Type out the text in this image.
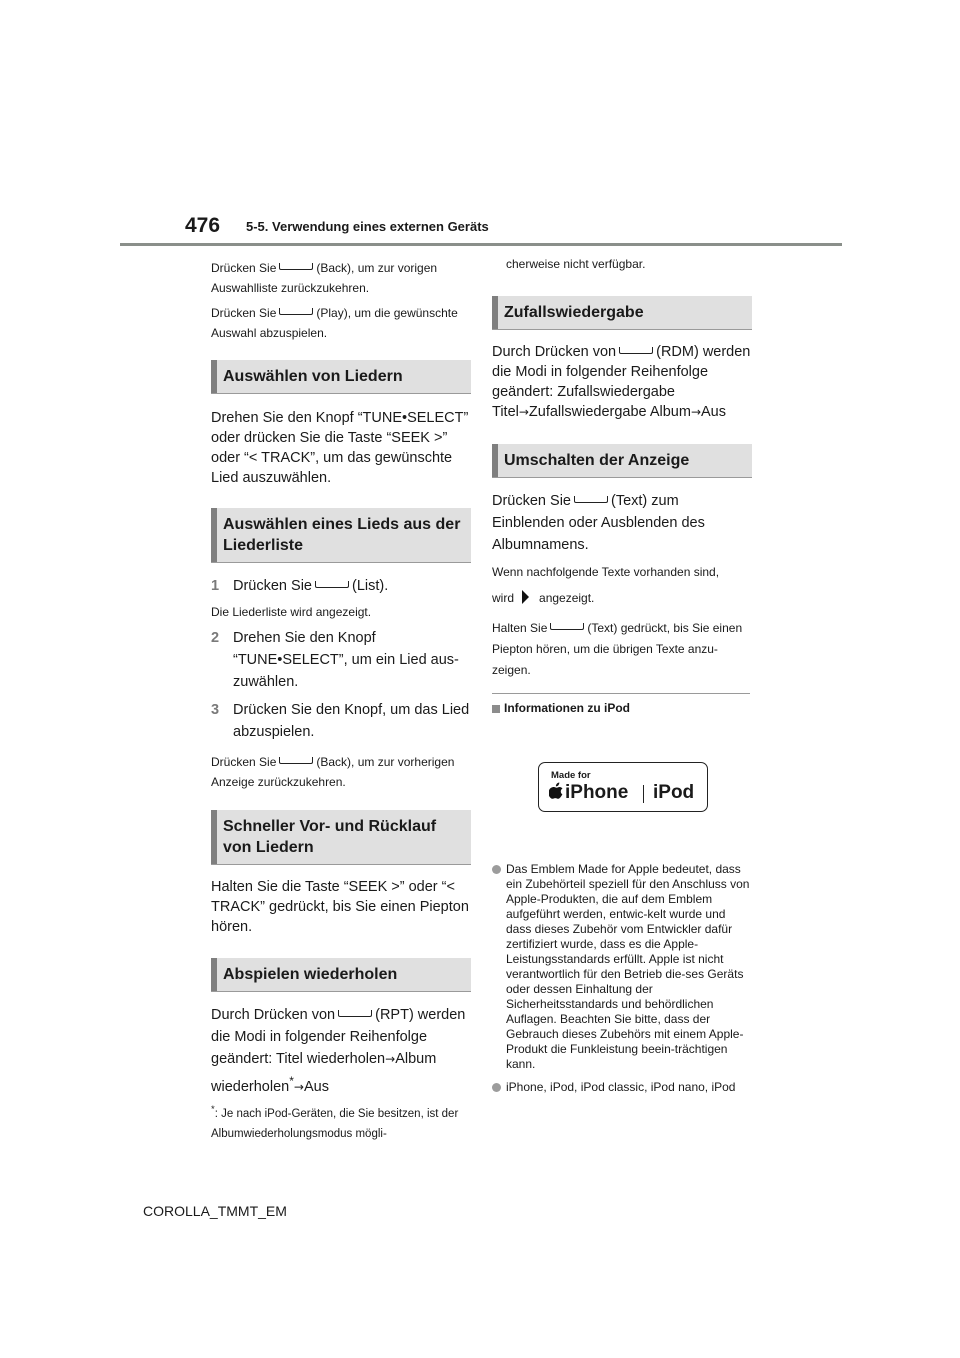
476 5-5. Verwendung eines externen Geräts

Drücken Sie	(Back), um zur vorigen Auswahlliste zurückzukehren.

Drücken Sie	(Play), um die gewünschte Auswahl abzuspielen.

Auswählen von Liedern

Drehen Sie den Knopf “TUNE•SELECT” oder drücken Sie die Taste “SEEK >” oder “< TRACK”, um das gewünschte Lied auszuwählen.

Auswählen eines Lieds aus der Liederliste
1 Drücken Sie	(List).

Die Liederliste wird angezeigt.

2 Drehen Sie den Knopf “TUNE•SELECT”, um ein Lied aus-zuwählen.
3 Drücken Sie den Knopf, um das Lied abzuspielen.

Drücken Sie	(Back), um zur vorherigen Anzeige zurückzukehren.

Schneller Vor- und Rücklauf von Liedern

Halten Sie die Taste “SEEK >” oder “< TRACK” gedrückt, bis Sie einen Piepton hören.

Abspielen wiederholen

Durch Drücken von	(RPT) werden die Modi in folgender Reihenfolge geändert: Titel wiederholen→Album wiederholen*→Aus

*: Je nach iPod-Geräten, die Sie besitzen, ist der Albumwiederholungsmodus mögli-

cherweise nicht verfügbar.

Zufallswiedergabe

Durch Drücken von	(RDM) werden die Modi in folgender Reihenfolge geändert: Zufallswiedergabe Titel→Zufallswiedergabe Album→Aus

Umschalten der Anzeige

Drücken Sie	(Text) zum Einblenden oder Ausblenden des Albumnamens.

Wenn nachfolgende Texte vorhanden sind,

wird angezeigt.

Halten Sie	(Text) gedrückt, bis Sie einen Piepton hören, um die übrigen Texte anzu-zeigen.

Informationen zu iPod

Made for
iPhone iPod
Das Emblem Made for Apple bedeutet, dass ein Zubehörteil speziell für den Anschluss von Apple-Produkten, die auf dem Emblem aufgeführt werden, entwic-kelt wurde und dass dieses Zubehör vom Entwickler dafür zertifiziert wurde, dass es die Apple-Leistungsstandards erfüllt. Apple ist nicht verantwortlich für den Betrieb die-ses Geräts oder dessen Einhaltung der Sicherheitsstandards und behördlichen Auflagen. Beachten Sie bitte, dass der Gebrauch dieses Zubehörs mit einem Apple-Produkt die Funkleistung beein-trächtigen kann.
iPhone, iPod, iPod classic, iPod nano, iPod
COROLLA_TMMT_EM
